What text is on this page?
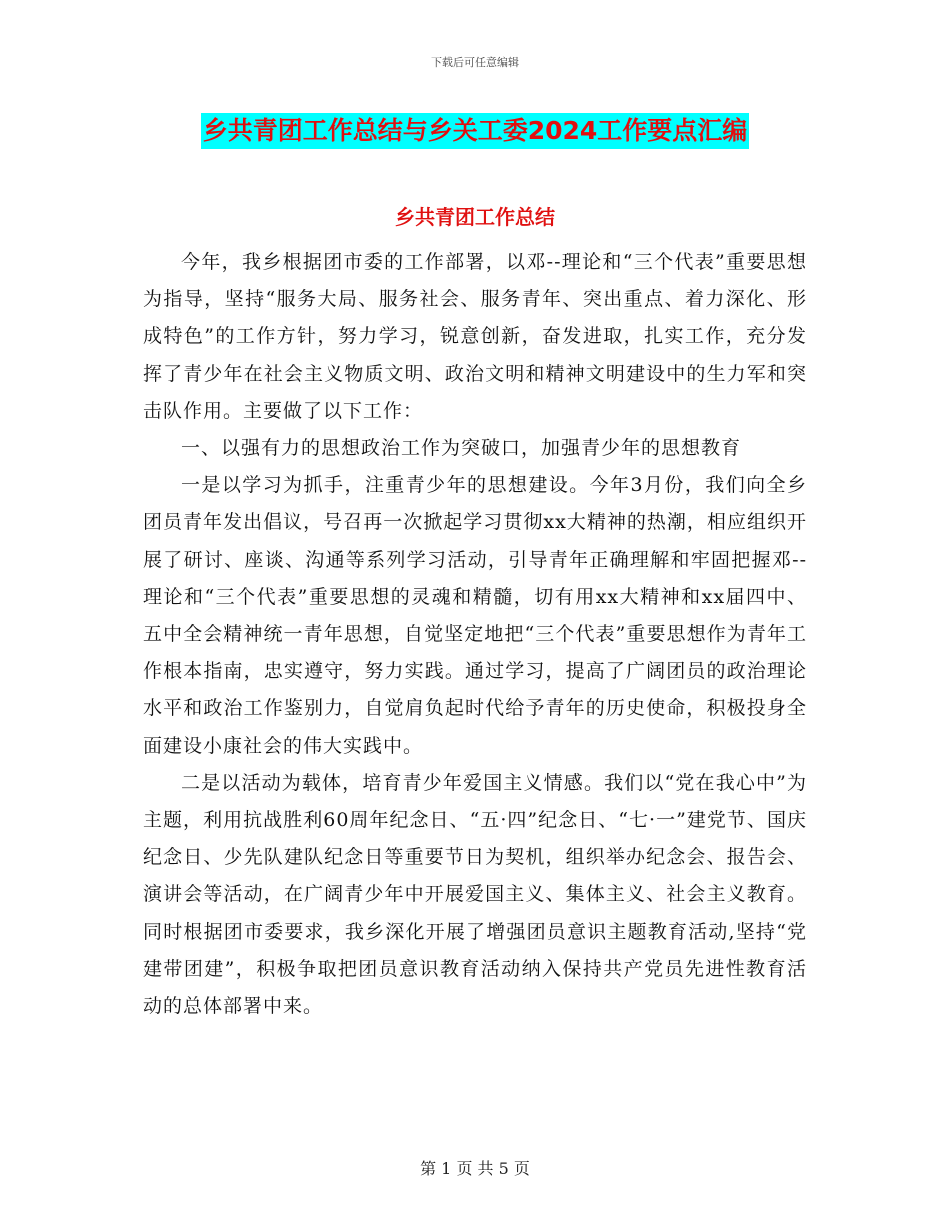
下载后可任意编辑
乡共青团工作总结与乡关工委2024工作要点汇编
乡共青团工作总结

今年，我乡根据团市委的工作部署，以邓--理论和“三个代表”重要思想为指导，坚持“服务大局、服务社会、服务青年、突出重点、着力深化、形成特色”的工作方针，努力学习，锐意创新，奋发进取，扎实工作，充分发挥了青少年在社会主义物质文明、政治文明和精神文明建设中的生力军和突击队作用。主要做了以下工作：

一、以强有力的思想政治工作为突破口，加强青少年的思想教育

一是以学习为抓手，注重青少年的思想建设。今年3月份，我们向全乡团员青年发出倡议，号召再一次掀起学习贯彻xx大精神的热潮，相应组织开展了研讨、座谈、沟通等系列学习活动，引导青年正确理解和牢固把握邓--理论和“三个代表”重要思想的灵魂和精髓，切有用xx大精神和xx届四中、五中全会精神统一青年思想，自觉坚定地把“三个代表”重要思想作为青年工作根本指南，忠实遵守，努力实践。通过学习，提高了广阔团员的政治理论水平和政治工作鉴别力，自觉肩负起时代给予青年的历史使命，积极投身全面建设小康社会的伟大实践中。

二是以活动为载体，培育青少年爱国主义情感。我们以“党在我心中”为主题，利用抗战胜利60周年纪念日、“五·四”纪念日、“七·一”建党节、国庆纪念日、少先队建队纪念日等重要节日为契机，组织举办纪念会、报告会、演讲会等活动，在广阔青少年中开展爱国主义、集体主义、社会主义教育。同时根据团市委要求，我乡深化开展了增强团员意识主题教育活动,坚持“党建带团建”，积极争取把团员意识教育活动纳入保持共产党员先进性教育活动的总体部署中来。

第 1 页 共 5 页
